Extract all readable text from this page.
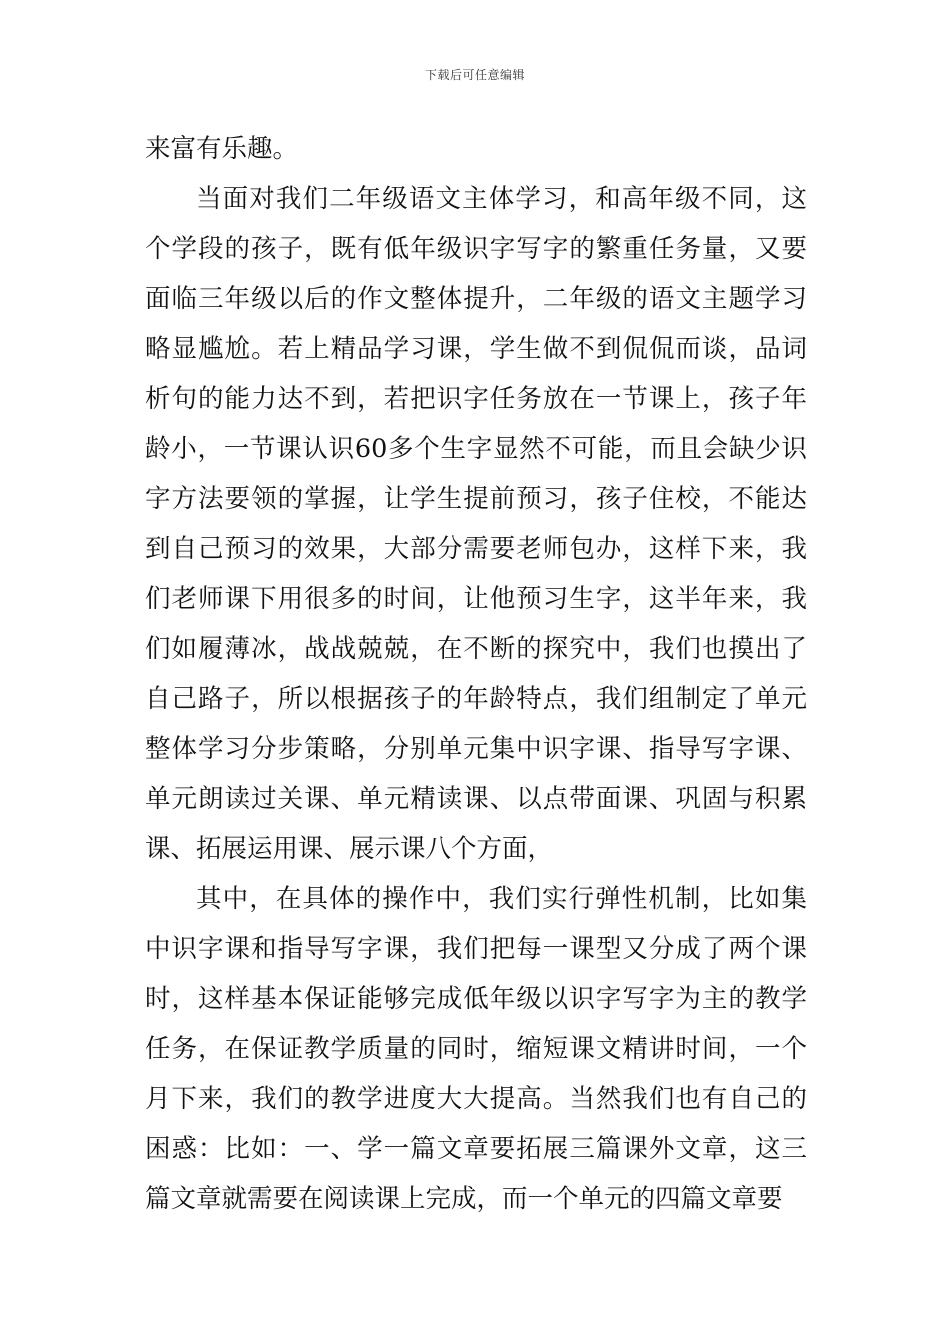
下载后可任意编辑

来富有乐趣。

当面对我们二年级语文主体学习，和高年级不同，这个学段的孩子，既有低年级识字写字的繁重任务量，又要面临三年级以后的作文整体提升，二年级的语文主题学习略显尴尬。若上精品学习课，学生做不到侃侃而谈，品词析句的能力达不到，若把识字任务放在一节课上，孩子年龄小，一节课认识60多个生字显然不可能，而且会缺少识字方法要领的掌握，让学生提前预习，孩子住校，不能达到自己预习的效果，大部分需要老师包办，这样下来，我们老师课下用很多的时间，让他预习生字，这半年来，我们如履薄冰，战战兢兢，在不断的探究中，我们也摸出了自己路子，所以根据孩子的年龄特点，我们组制定了单元整体学习分步策略，分别单元集中识字课、指导写字课、单元朗读过关课、单元精读课、以点带面课、巩固与积累课、拓展运用课、展示课八个方面，

其中，在具体的操作中，我们实行弹性机制，比如集中识字课和指导写字课，我们把每一课型又分成了两个课时，这样基本保证能够完成低年级以识字写字为主的教学任务，在保证教学质量的同时，缩短课文精讲时间，一个月下来，我们的教学进度大大提高。当然我们也有自己的困惑：比如：一、学一篇文章要拓展三篇课外文章，这三篇文章就需要在阅读课上完成，而一个单元的四篇文章要
